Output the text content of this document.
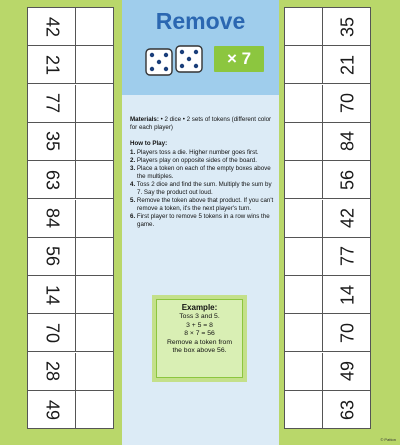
42
21
77
35
63
84
56
14
70
28
49
Remove
× 7

Materials: • 2 dice • 2 sets of tokens (different color for each player)

How to Play:
1. Players toss a die. Higher number goes first.
2. Players play on opposite sides of the board.
3. Place a token on each of the empty boxes above the multiples.
4. Toss 2 dice and find the sum. Multiply the sum by 7. Say the product out loud.
5. Remove the token above that product. If you can't remove a token, it's the next player's turn.
6. First player to remove 5 tokens in a row wins the game.
Example:
Toss 3 and 5.
3 + 5 = 8
8 × 7 = 56
Remove a token from
the box above 56.
35
21
70
84
56
42
77
14
70
49
63
© Patton
